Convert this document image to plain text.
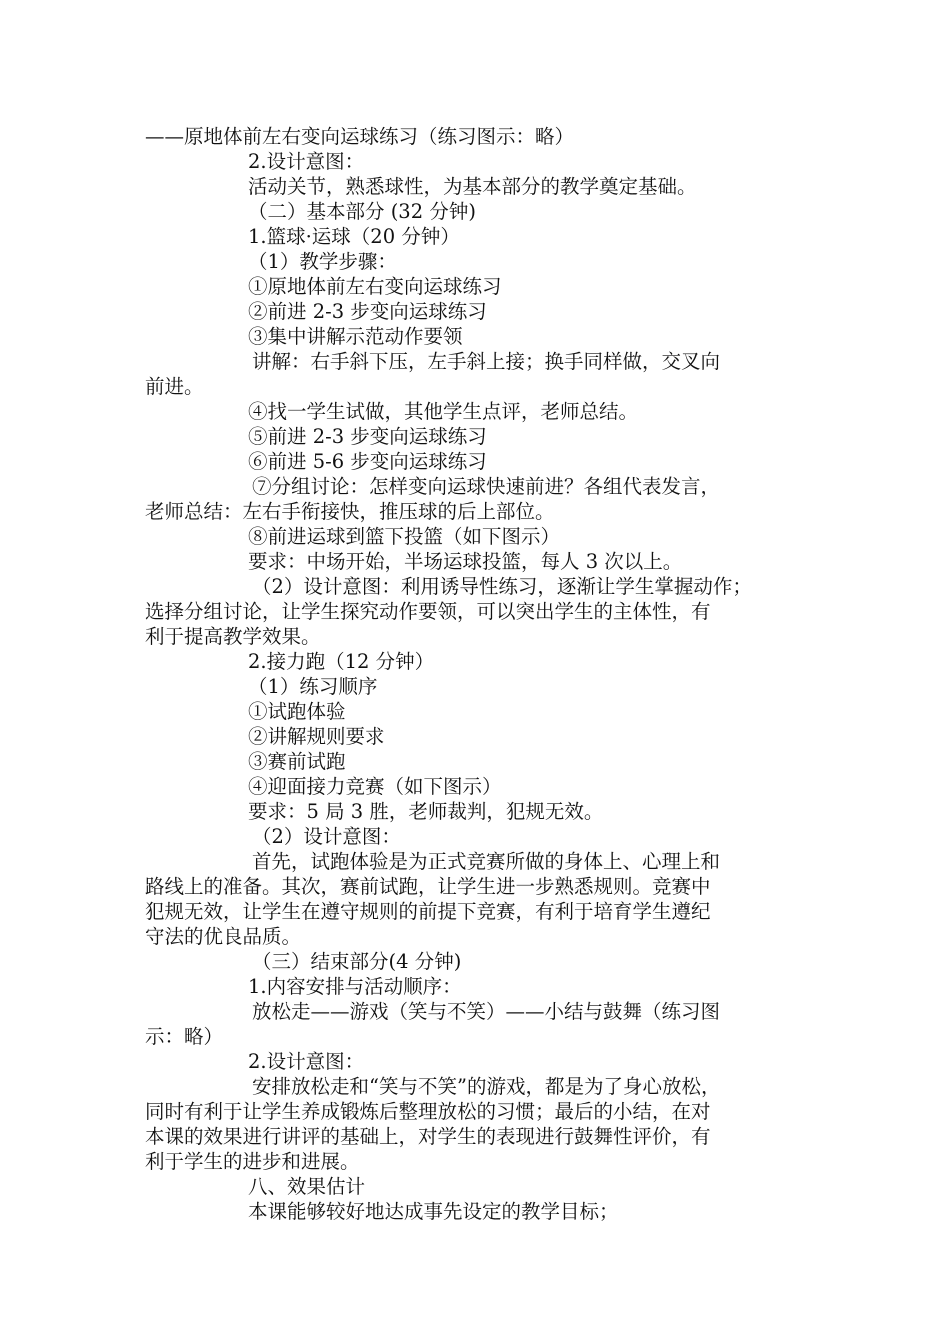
——原地体前左右变向运球练习（练习图示：略）
2.设计意图：
活动关节，熟悉球性，为基本部分的教学奠定基础。
（二）基本部分 (32 分钟)
1.篮球·运球（20 分钟）
（1）教学步骤：
①原地体前左右变向运球练习
②前进 2-3 步变向运球练习
③集中讲解示范动作要领
讲解：右手斜下压，左手斜上接；换手同样做，交叉向
前进。
④找一学生试做，其他学生点评，老师总结。
⑤前进 2-3 步变向运球练习
⑥前进 5-6 步变向运球练习
⑦分组讨论：怎样变向运球快速前进？各组代表发言，
老师总结：左右手衔接快，推压球的后上部位。
⑧前进运球到篮下投篮（如下图示）
要求：中场开始，半场运球投篮，每人 3 次以上。
（2）设计意图：利用诱导性练习，逐渐让学生掌握动作；
选择分组讨论，让学生探究动作要领，可以突出学生的主体性，有
利于提高教学效果。
2.接力跑（12 分钟）
（1）练习顺序
①试跑体验
②讲解规则要求
③赛前试跑
④迎面接力竞赛（如下图示）
要求：5 局 3 胜，老师裁判，犯规无效。
（2）设计意图：
首先，试跑体验是为正式竞赛所做的身体上、心理上和
路线上的准备。其次，赛前试跑，让学生进一步熟悉规则。竞赛中
犯规无效，让学生在遵守规则的前提下竞赛，有利于培育学生遵纪
守法的优良品质。
（三）结束部分(4 分钟)
1.内容安排与活动顺序：
放松走——游戏（笑与不笑）——小结与鼓舞（练习图
示：略）
2.设计意图：
安排放松走和“笑与不笑”的游戏，都是为了身心放松，
同时有利于让学生养成锻炼后整理放松的习惯；最后的小结，在对
本课的效果进行讲评的基础上，对学生的表现进行鼓舞性评价，有
利于学生的进步和进展。
八、效果估计
本课能够较好地达成事先设定的教学目标；
